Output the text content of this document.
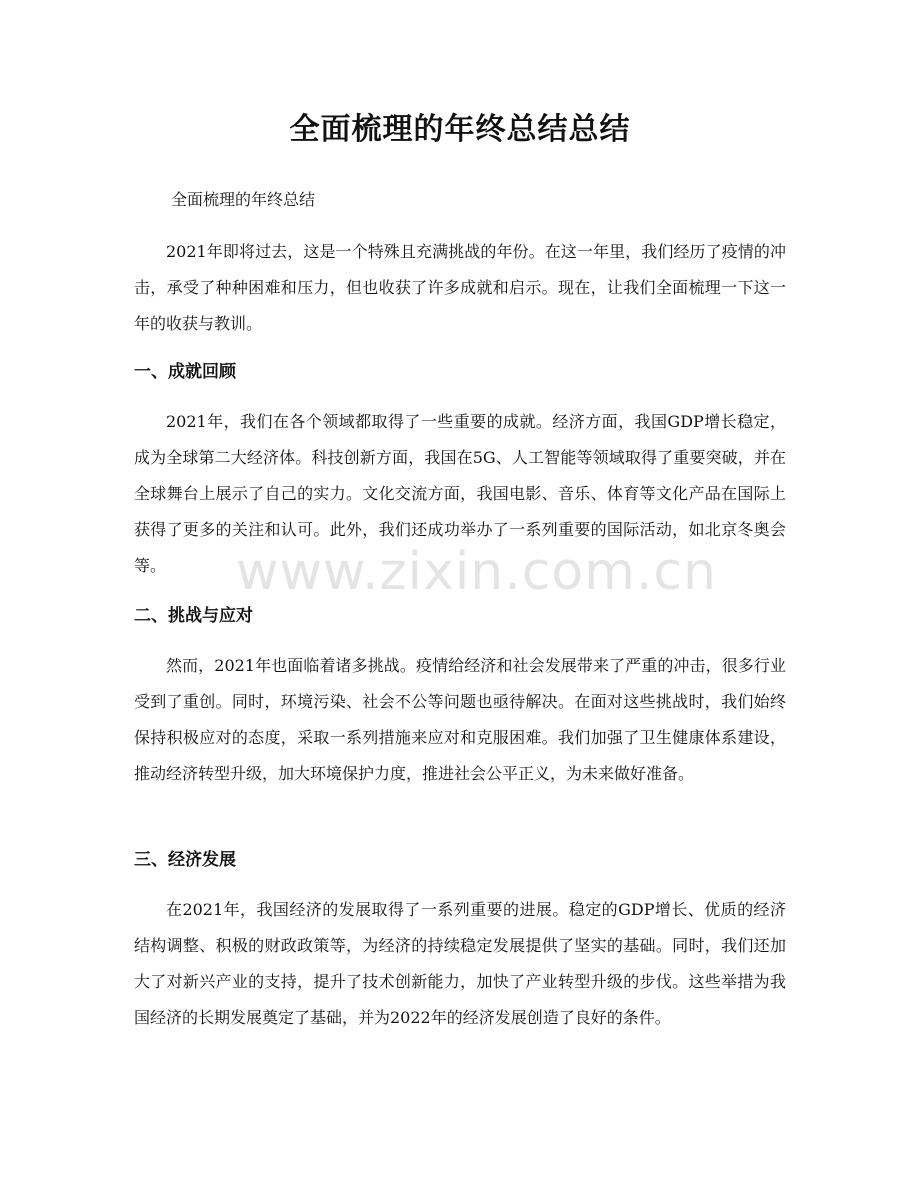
www.zixin.com.cn
全面梳理的年终总结总结
全面梳理的年终总结

2021年即将过去，这是一个特殊且充满挑战的年份。在这一年里，我们经历了疫情的冲击，承受了种种困难和压力，但也收获了许多成就和启示。现在，让我们全面梳理一下这一年的收获与教训。

一、成就回顾

2021年，我们在各个领域都取得了一些重要的成就。经济方面，我国GDP增长稳定，成为全球第二大经济体。科技创新方面，我国在5G、人工智能等领域取得了重要突破，并在全球舞台上展示了自己的实力。文化交流方面，我国电影、音乐、体育等文化产品在国际上获得了更多的关注和认可。此外，我们还成功举办了一系列重要的国际活动，如北京冬奥会等。

二、挑战与应对

然而，2021年也面临着诸多挑战。疫情给经济和社会发展带来了严重的冲击，很多行业受到了重创。同时，环境污染、社会不公等问题也亟待解决。在面对这些挑战时，我们始终保持积极应对的态度，采取一系列措施来应对和克服困难。我们加强了卫生健康体系建设，推动经济转型升级，加大环境保护力度，推进社会公平正义，为未来做好准备。

三、经济发展

在2021年，我国经济的发展取得了一系列重要的进展。稳定的GDP增长、优质的经济结构调整、积极的财政政策等，为经济的持续稳定发展提供了坚实的基础。同时，我们还加大了对新兴产业的支持，提升了技术创新能力，加快了产业转型升级的步伐。这些举措为我国经济的长期发展奠定了基础，并为2022年的经济发展创造了良好的条件。
